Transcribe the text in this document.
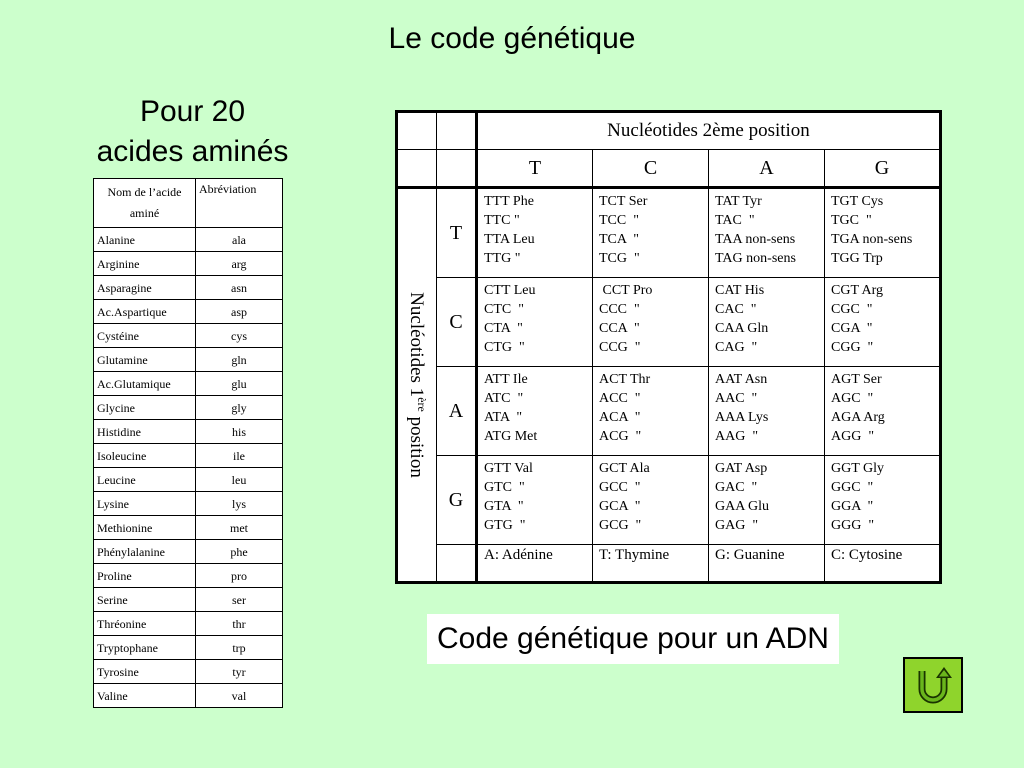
Le code génétique
Pour 20
acides aminés
Nom de l’acide aminé	Abréviation
Alanine	ala
Arginine	arg
Asparagine	asn
Ac.Aspartique	asp
Cystéine	cys
Glutamine	gln
Ac.Glutamique	glu
Glycine	gly
Histidine	his
Isoleucine	ile
Leucine	leu
Lysine	lys
Methionine	met
Phénylalanine	phe
Proline	pro
Serine	ser
Thréonine	thr
Tryptophane	trp
Tyrosine	tyr
Valine	val
		Nucléotides 2ème position			
		T	C	A	G

Nucléotides 1ère position	T	TTT Phe
TTC "
TTA Leu
TTG "	TCT Ser
TCC  "
TCA  "
TCG  "	TAT Tyr
TAC  "
TAA non-sens
TAG non-sens	TGT Cys
TGC  "
TGA non-sens
TGG Trp
	C	CTT Leu
CTC  "
CTA  "
CTG  "	CCT Pro
CCC  "
CCA  "
CCG  "	CAT His
CAC  "
CAA Gln
CAG  "	CGT Arg
CGC  "
CGA  "
CGG  "
	A	ATT Ile
ATC  "
ATA  "
ATG Met	ACT Thr
ACC  "
ACA  "
ACG  "	AAT Asn
AAC  "
AAA Lys
AAG  "	AGT Ser
AGC  "
AGA Arg
AGG  "
	G	GTT Val
GTC  "
GTA  "
GTG  "	GCT Ala
GCC  "
GCA  "
GCG  "	GAT Asp
GAC  "
GAA Glu
GAG  "	GGT Gly
GGC  "
GGA  "
GGG  "
		A: Adénine	T: Thymine	G: Guanine	C: Cytosine
Code génétique pour un ADN
